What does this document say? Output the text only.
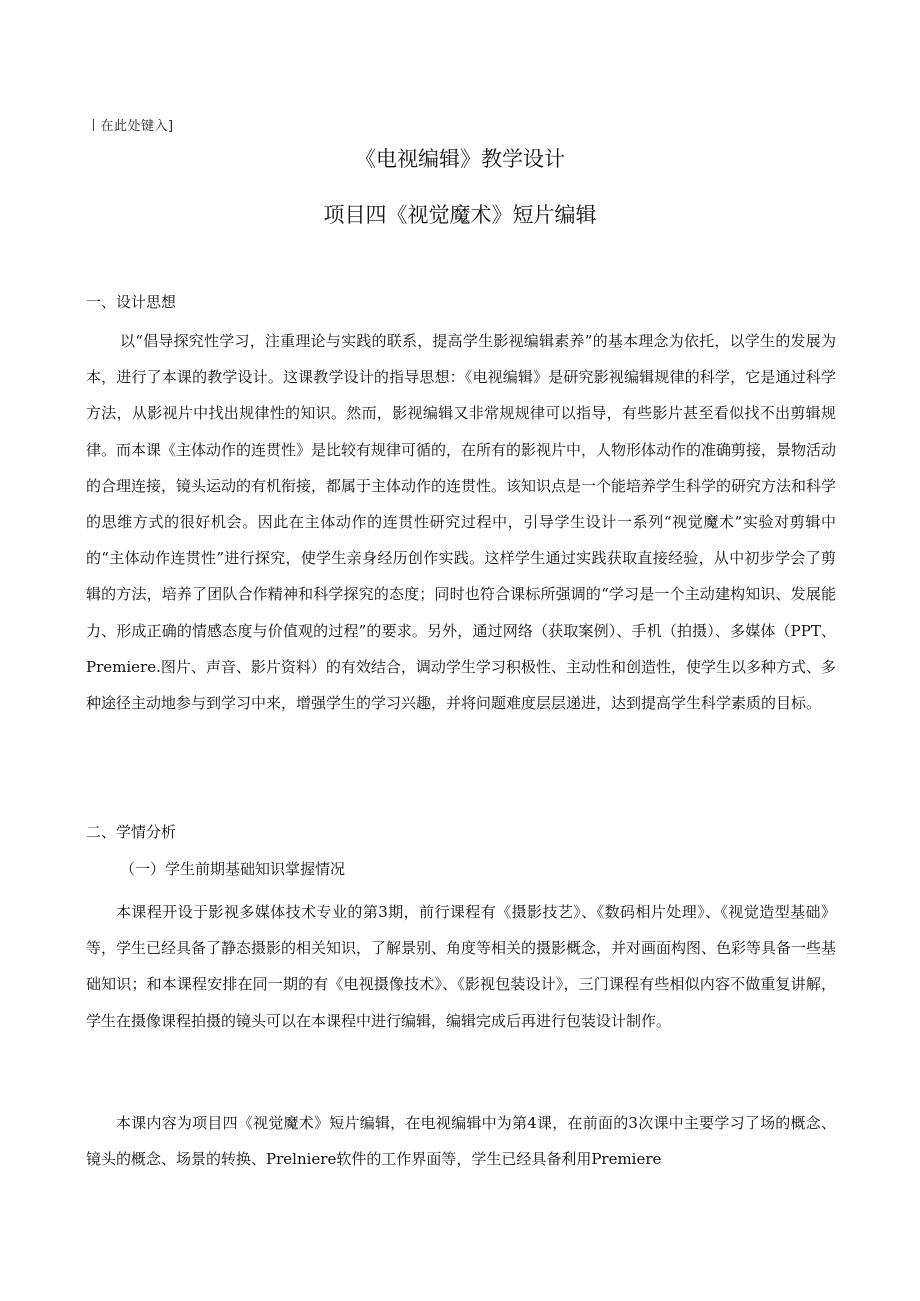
丨在此处键入]
《电视编辑》教学设计
项目四《视觉魔术》短片编辑
一、设计思想

以“倡导探究性学习，注重理论与实践的联系，提高学生影视编辑素养”的基本理念为依托，以学生的发展为本，进行了本课的教学设计。这课教学设计的指导思想：《电视编辑》是研究影视编辑规律的科学，它是通过科学方法，从影视片中找出规律性的知识。然而，影视编辑又非常规规律可以指导，有些影片甚至看似找不出剪辑规律。而本课《主体动作的连贯性》是比较有规律可循的，在所有的影视片中，人物形体动作的准确剪接，景物活动的合理连接，镜头运动的有机衔接，都属于主体动作的连贯性。该知识点是一个能培养学生科学的研究方法和科学的思维方式的很好机会。因此在主体动作的连贯性研究过程中，引导学生设计一系列“视觉魔术”实验对剪辑中的“主体动作连贯性”进行探究，使学生亲身经历创作实践。这样学生通过实践获取直接经验，从中初步学会了剪辑的方法，培养了团队合作精神和科学探究的态度；同时也符合课标所强调的“学习是一个主动建构知识、发展能力、形成正确的情感态度与价值观的过程”的要求。另外，通过网络（获取案例）、手机（拍摄）、多媒体（PPT、Premiere.图片、声音、影片资料）的有效结合，调动学生学习积极性、主动性和创造性，使学生以多种方式、多种途径主动地参与到学习中来，增强学生的学习兴趣，并将问题难度层层递进，达到提高学生科学素质的目标。

二、学情分析
（一）学生前期基础知识掌握情况

本课程开设于影视多媒体技术专业的第3期，前行课程有《摄影技艺》、《数码相片处理》、《视觉造型基础》等，学生已经具备了静态摄影的相关知识，了解景别、角度等相关的摄影概念，并对画面构图、色彩等具备一些基础知识；和本课程安排在同一期的有《电视摄像技术》、《影视包装设计》，三门课程有些相似内容不做重复讲解，学生在摄像课程拍摄的镜头可以在本课程中进行编辑，编辑完成后再进行包装设计制作。

本课内容为项目四《视觉魔术》短片编辑，在电视编辑中为第4课，在前面的3次课中主要学习了场的概念、镜头的概念、场景的转换、Prelniere软件的工作界面等，学生已经具备利用Premiere
